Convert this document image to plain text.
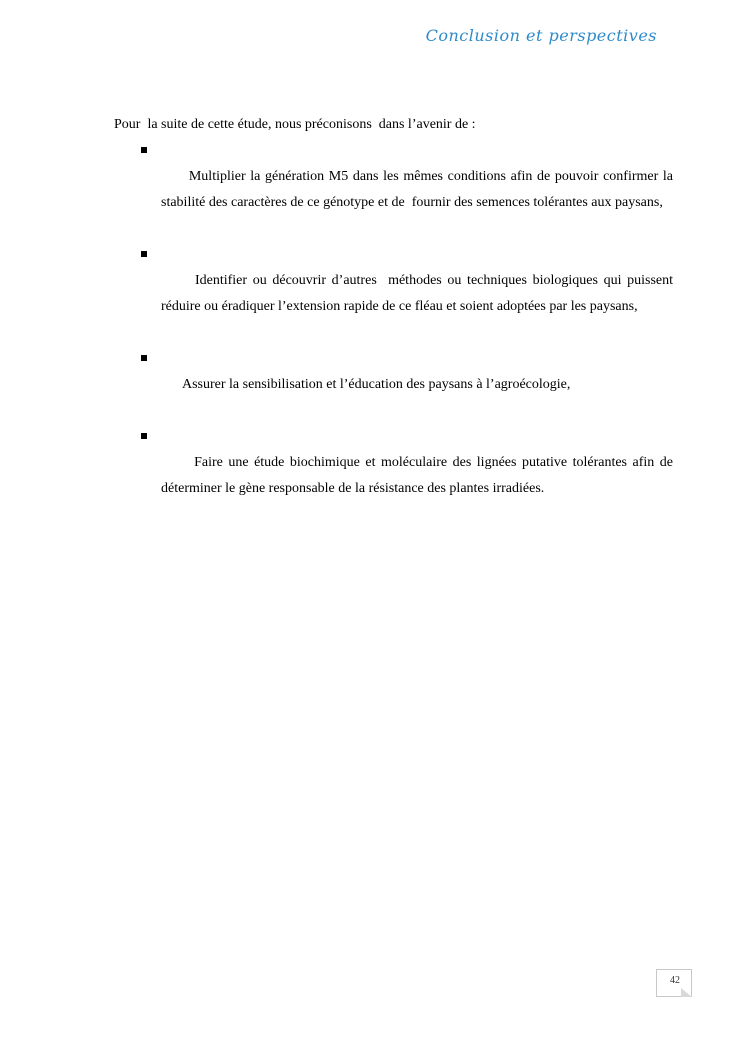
Conclusion et perspectives

Pour  la suite de cette étude, nous préconisons  dans l’avenir de :

Multiplier la génération M5 dans les mêmes conditions afin de pouvoir confirmer la stabilité des caractères de ce génotype et de  fournir des semences tolérantes aux paysans,

Identifier ou découvrir d’autres  méthodes ou techniques biologiques qui puissent réduire ou éradiquer l’extension rapide de ce fléau et soient adoptées par les paysans,

Assurer la sensibilisation et l’éducation des paysans à l’agroécologie,

Faire une étude biochimique et moléculaire des lignées putative tolérantes afin de déterminer le gène responsable de la résistance des plantes irradiées.

42
